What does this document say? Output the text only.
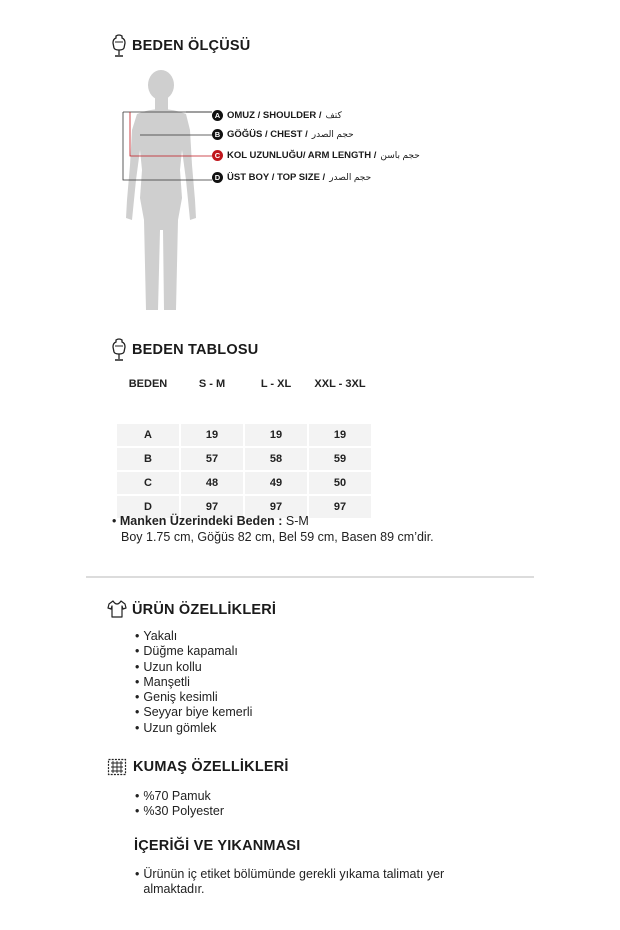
BEDEN ÖLÇÜSÜ
A OMUZ / SHOULDER / كتف
B GÖĞÜS / CHEST / حجم الصدر
C KOL UZUNLUĞU/ ARM LENGTH / حجم باسن
D ÜST BOY / TOP SIZE / حجم الصدر
BEDEN TABLOSU
BEDEN	S - M	L - XL	XXL - 3XL

A	19	19	19
B	57	58	59
C	48	49	50
D	97	97	97
• Manken Üzerindeki Beden : S-M
Boy 1.75 cm, Göğüs 82 cm, Bel 59 cm, Basen 89 cm’dir.
ÜRÜN ÖZELLİKLERİ
• Yakalı
• Düğme kapamalı
• Uzun kollu
• Manşetli
• Geniş kesimli
• Seyyar biye kemerli
• Uzun gömlek
KUMAŞ ÖZELLİKLERİ
• %70 Pamuk
• %30 Polyester
İÇERİĞİ VE YIKANMASI
• Ürünün iç etiket bölümünde gerekli yıkama talimatı yer almaktadır.
